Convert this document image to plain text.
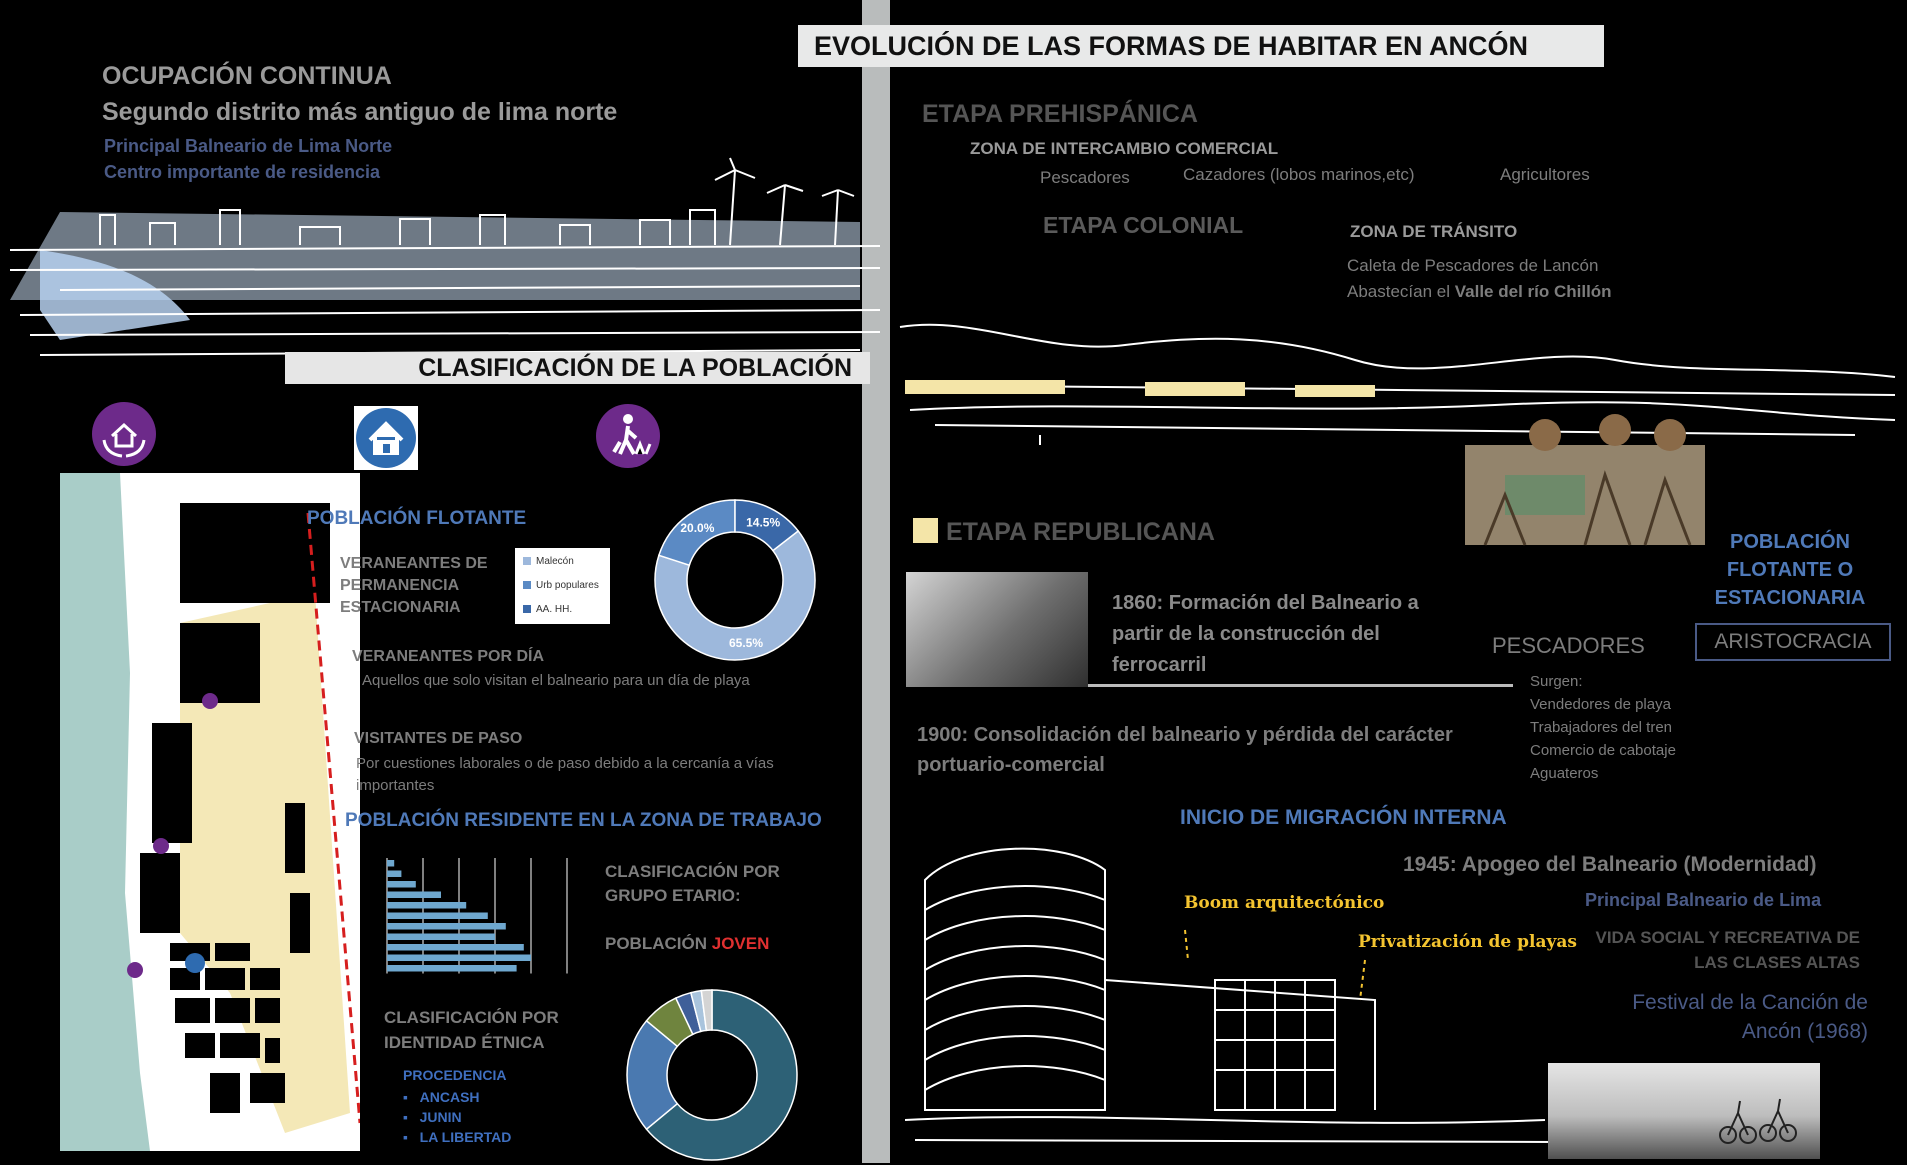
EVOLUCIÓN DE LAS FORMAS DE HABITAR EN ANCÓN
OCUPACIÓN CONTINUA
Segundo distrito más antiguo de lima norte
Principal Balneario de Lima Norte
Centro importante de residencia
CLASIFICACIÓN DE LA POBLACIÓN
POBLACIÓN FLOTANTE
VERANEANTES DE PERMANENCIA ESTACIONARIA
Malecón
Urb populares
AA. HH.
65.5%
20.0%	14.5%
VERANEANTES POR DÍA
Aquellos que solo visitan el balneario para un día de playa
VISITANTES DE PASO
Por cuestiones laborales o de paso debido a la cercanía a vías importantes
POBLACIÓN RESIDENTE EN LA ZONA DE TRABAJO
CLASIFICACIÓN POR GRUPO ETARIO:
POBLACIÓN JOVEN
CLASIFICACIÓN POR IDENTIDAD ÉTNICA
PROCEDENCIA
▪   ANCASH
▪   JUNIN
▪   LA LIBERTAD
ETAPA PREHISPÁNICA
ZONA DE INTERCAMBIO COMERCIAL
Pescadores	Cazadores (lobos marinos,etc)	Agricultores
ETAPA COLONIAL	ZONA DE TRÁNSITO
Caleta de Pescadores de Lancón
Abastecían el Valle del río Chillón
ETAPA REPUBLICANA
1860: Formación del Balneario a partir de la construcción del ferrocarril
PESCADORES
Surgen:
Vendedores de playa
Trabajadores del tren
Comercio de cabotaje
Aguateros
POBLACIÓN FLOTANTE O ESTACIONARIA
ARISTOCRACIA
1900: Consolidación del balneario y pérdida del carácter portuario-comercial
INICIO DE MIGRACIÓN INTERNA
1945: Apogeo del Balneario (Modernidad)
Principal Balneario de Lima
VIDA SOCIAL Y RECREATIVA DE LAS CLASES ALTAS
Festival de la Canción de Ancón (1968)
Boom arquitectónico
Privatización de playas
